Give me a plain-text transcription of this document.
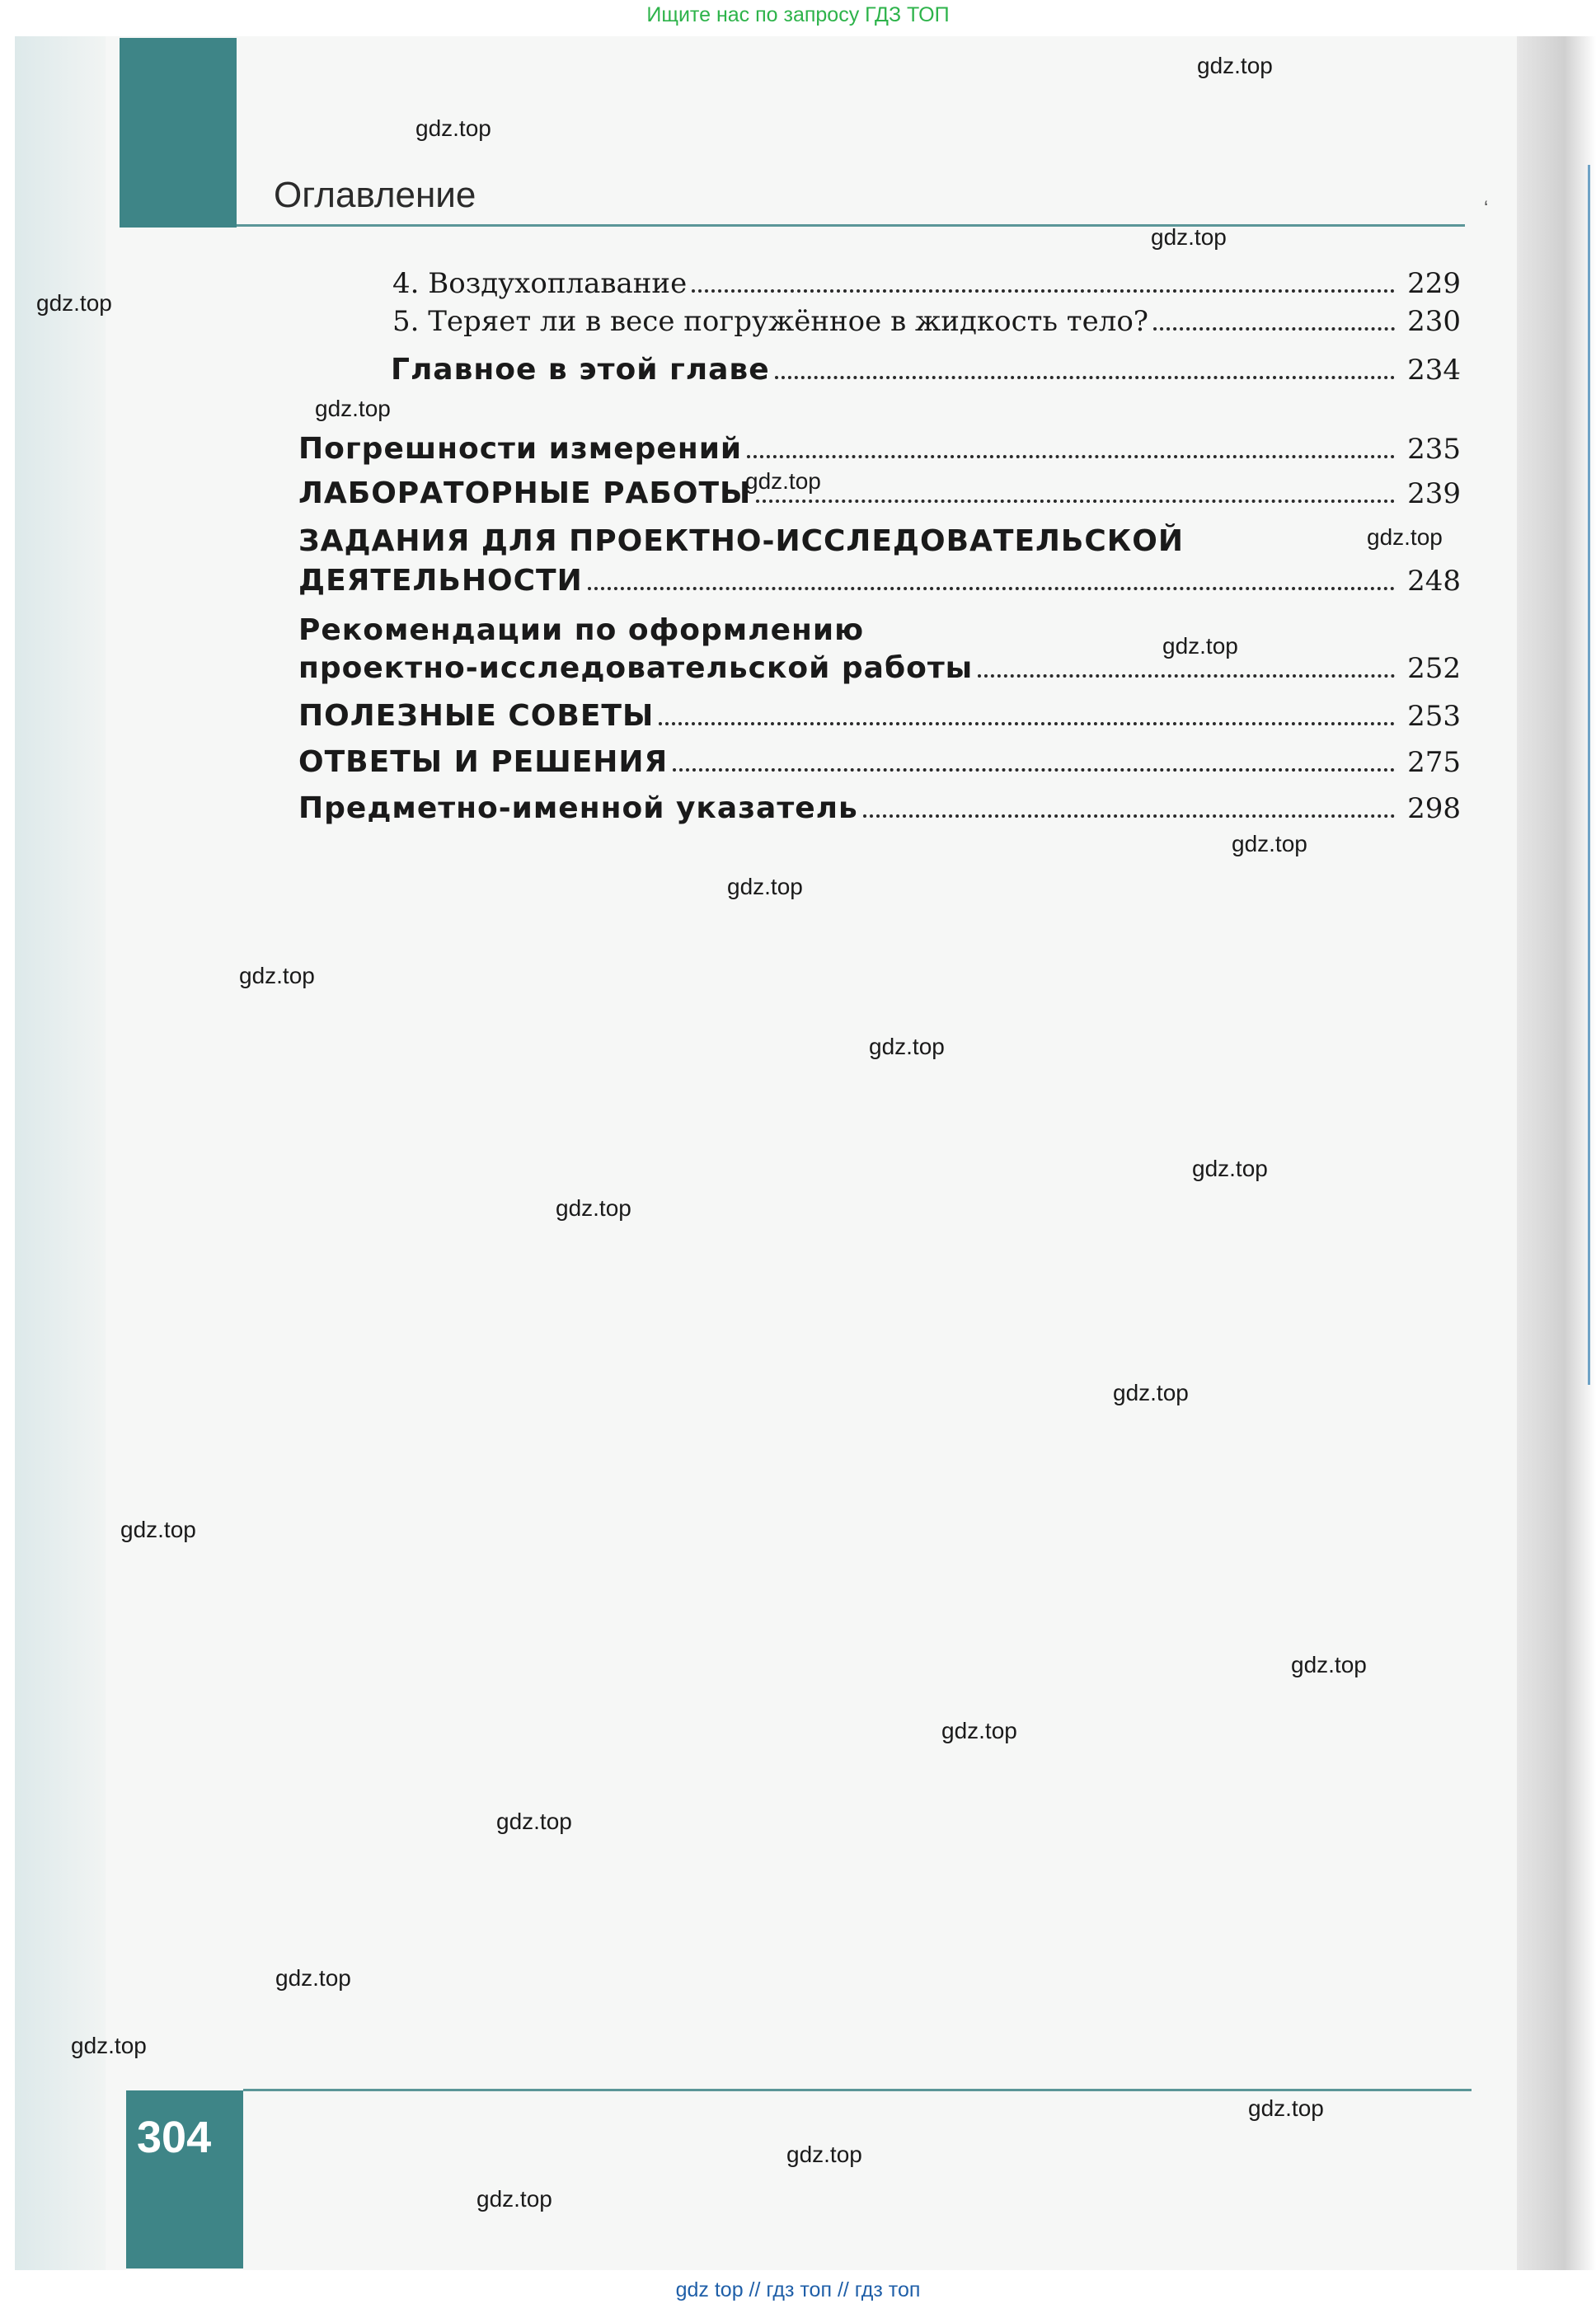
Ищите нас по запросу ГДЗ ТОП
Оглавление	ʻ
4. Воздухоплавание	229
5. Теряет ли в весе погружённое в жидкость тело?	230
Главное в этой главе	234
Погрешности измерений	235
ЛАБОРАТОРНЫЕ РАБОТЫ	239
ЗАДАНИЯ ДЛЯ ПРОЕКТНО-ИССЛЕДОВАТЕЛЬСКОЙ
ДЕЯТЕЛЬНОСТИ	248
Рекомендации по оформлению
проектно-исследовательской работы	252
ПОЛЕЗНЫЕ СОВЕТЫ	253
ОТВЕТЫ И РЕШЕНИЯ	275
Предметно-именной указатель	298
gdz.top
gdz.top
gdz.top
gdz.top
gdz.top
gdz.top
gdz.top
gdz.top
gdz.top
gdz.top
gdz.top
gdz.top
gdz.top
gdz.top
gdz.top
gdz.top
gdz.top
gdz.top
gdz.top
gdz.top
gdz.top
gdz.top
gdz.top
gdz.top
304
gdz top // гдз топ // гдз топ
